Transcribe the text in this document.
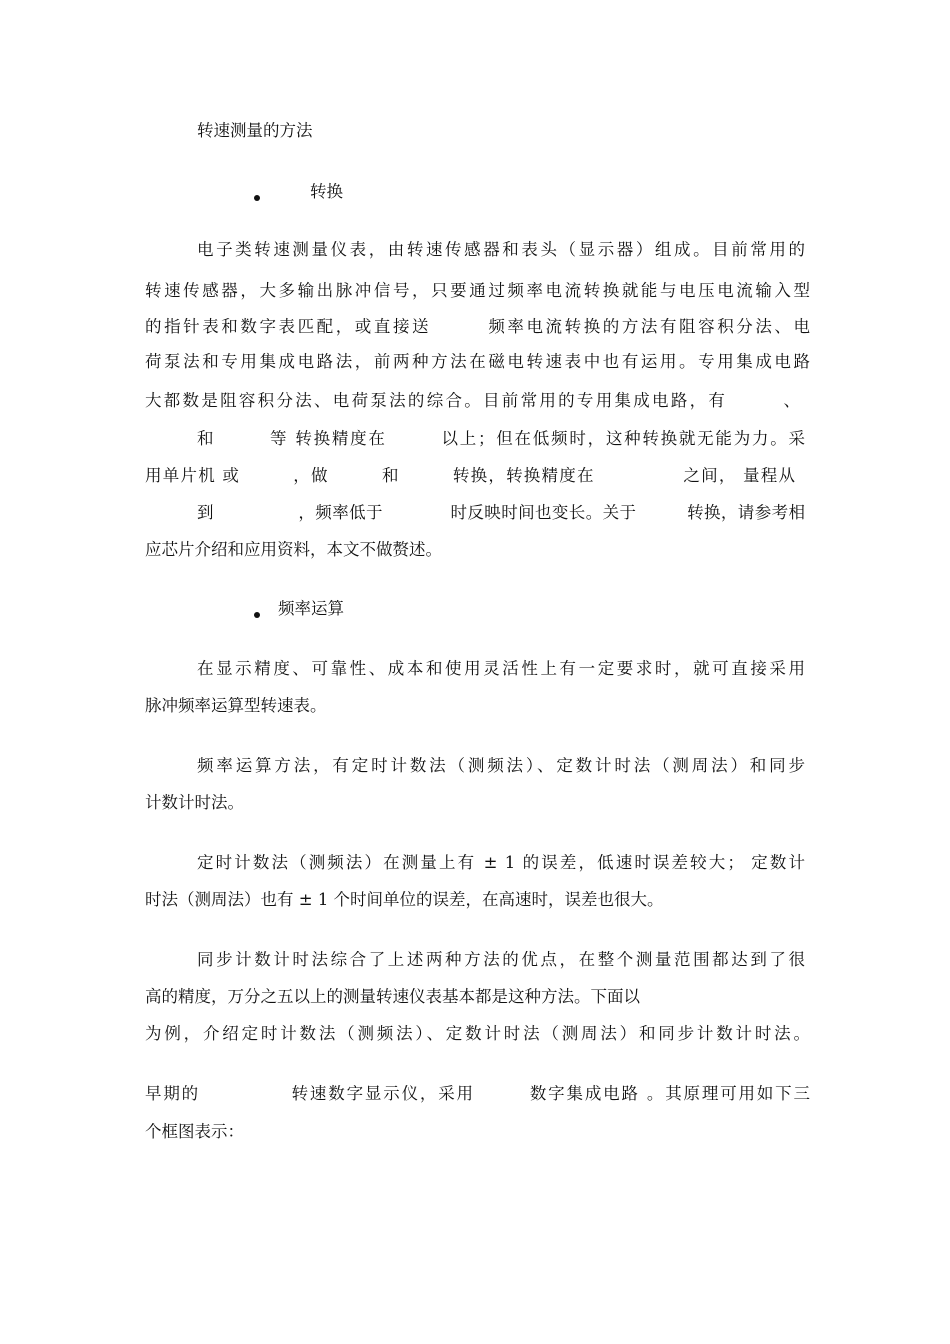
转速测量的方法

转换

电子类转速测量仪表，由转速传感器和表头（显示器）组成。目前常用的

转速传感器，大多输出脉冲信号，只要通过频率电流转换就能与电压电流输入型

的指针表和数字表匹配，或直接送　　　频率电流转换的方法有阻容积分法、电

荷泵法和专用集成电路法，前两种方法在磁电转速表中也有运用。专用集成电路

大都数是阻容积分法、电荷泵法的综合。目前常用的专用集成电路，有　　　、

和　　　等 转换精度在　　　以上；但在低频时，这种转换就无能为力。采

用单片机 或　　　，做　　　和　　　转换，转换精度在　　　　　之间， 量程从

到　　　　　，频率低于　　　　时反映时间也变长。关于　　　转换，请参考相

应芯片介绍和应用资料，本文不做赘述。

频率运算

在显示精度、可靠性、成本和使用灵活性上有一定要求时，就可直接采用

脉冲频率运算型转速表。

频率运算方法，有定时计数法（测频法）、定数计时法（测周法）和同步

计数计时法。

定时计数法（测频法）在测量上有 ± 1 的误差，低速时误差较大； 定数计

时法（测周法）也有 ± 1 个时间单位的误差，在高速时，误差也很大。

同步计数计时法综合了上述两种方法的优点，在整个测量范围都达到了很

高的精度，万分之五以上的测量转速仪表基本都是这种方法。下面以

为例，介绍定时计数法（测频法）、定数计时法（测周法）和同步计数计时法。

早期的　　　　　转速数字显示仪，采用　　　数字集成电路 。其原理可用如下三

个框图表示：
